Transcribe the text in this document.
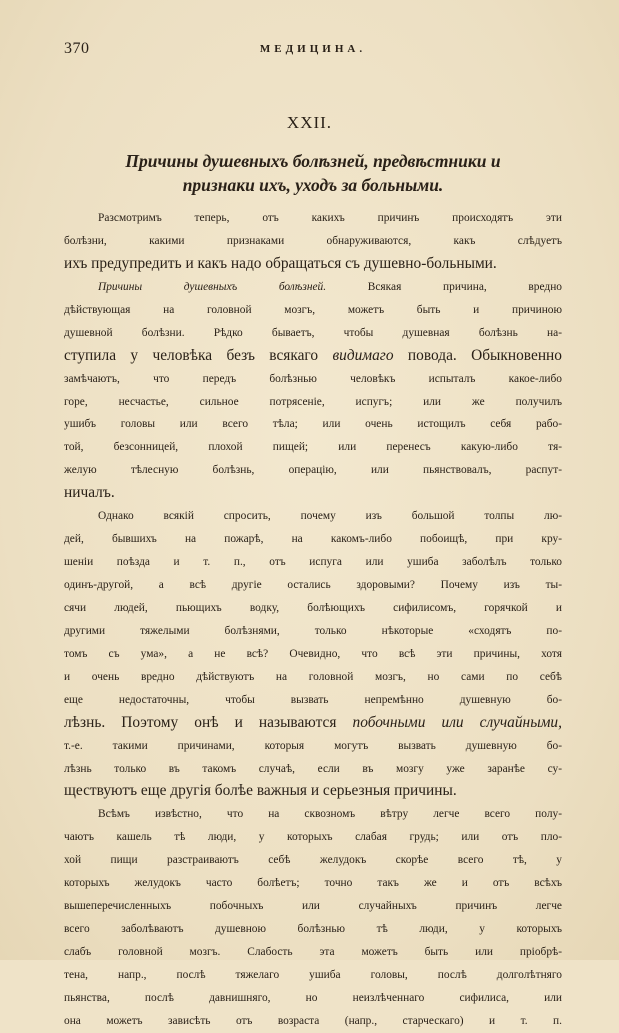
370	МЕДИЦИНА.
XXII.
Причины душевныхъ болѣзней, предвѣстники и
признаки ихъ, уходъ за больными.
Разсмотримъ теперь, отъ какихъ причинъ происходятъ эти
болѣзни, какими признаками обнаруживаются, какъ слѣдуетъ
ихъ предупредить и какъ надо обращаться съ душевно-больными.
Причины душевныхъ болѣзней. Всякая причина, вредно
дѣйствующая на головной мозгъ, можетъ быть и причиною
душевной болѣзни. Рѣдко бываетъ, чтобы душевная болѣзнь на-
ступила у человѣка безъ всякаго видимаго повода. Обыкновенно
замѣчаютъ, что передъ болѣзнью человѣкъ испыталъ какое-либо
горе, несчастье, сильное потрясеніе, испугъ; или же получилъ
ушибъ головы или всего тѣла; или очень истощилъ себя рабо-
той, безсонницей, плохой пищей; или перенесъ какую-либо тя-
желую тѣлесную болѣзнь, операцію, или пьянствовалъ, распут-
ничалъ.
Однако всякій спросить, почему изъ большой толпы лю-
дей, бывшихъ на пожарѣ, на какомъ-либо побоищѣ, при кру-
шеніи поѣзда и т. п., отъ испуга или ушиба заболѣлъ только
одинъ-другой, а всѣ другіе остались здоровыми? Почему изъ ты-
сячи людей, пьющихъ водку, болѣющихъ сифилисомъ, горячкой и
другими тяжелыми болѣзнями, только нѣкоторые «сходятъ по-
томъ съ ума», а не всѣ? Очевидно, что всѣ эти причины, хотя
и очень вредно дѣйствуютъ на головной мозгъ, но сами по себѣ
еще недостаточны, чтобы вызвать непремѣнно душевную бо-
лѣзнь. Поэтому онѣ и называются побочными или случайными,
т.-е. такими причинами, которыя могутъ вызвать душевную бо-
лѣзнь только въ такомъ случаѣ, если въ мозгу уже заранѣе су-
ществуютъ еще другія болѣе важныя и серьезныя причины.
Всѣмъ извѣстно, что на сквозномъ вѣтру легче всего полу-
чаютъ кашель тѣ люди, у которыхъ слабая грудь; или отъ пло-
хой пищи разстраиваютъ себѣ желудокъ скорѣе всего тѣ, у
которыхъ желудокъ часто болѣетъ; точно такъ же и отъ всѣхъ
вышеперечисленныхъ побочныхъ или случайныхъ причинъ легче
всего заболѣваютъ душевною болѣзнью тѣ люди, у которыхъ
слабъ головной мозгъ. Слабость эта можетъ быть или пріобрѣ-
тена, напр., послѣ тяжелаго ушиба головы, послѣ долголѣтняго
пьянства, послѣ давнишняго, но неизлѣченнаго сифилиса, или
она можетъ зависѣть отъ возраста (напр., старческаго) и т. п.
